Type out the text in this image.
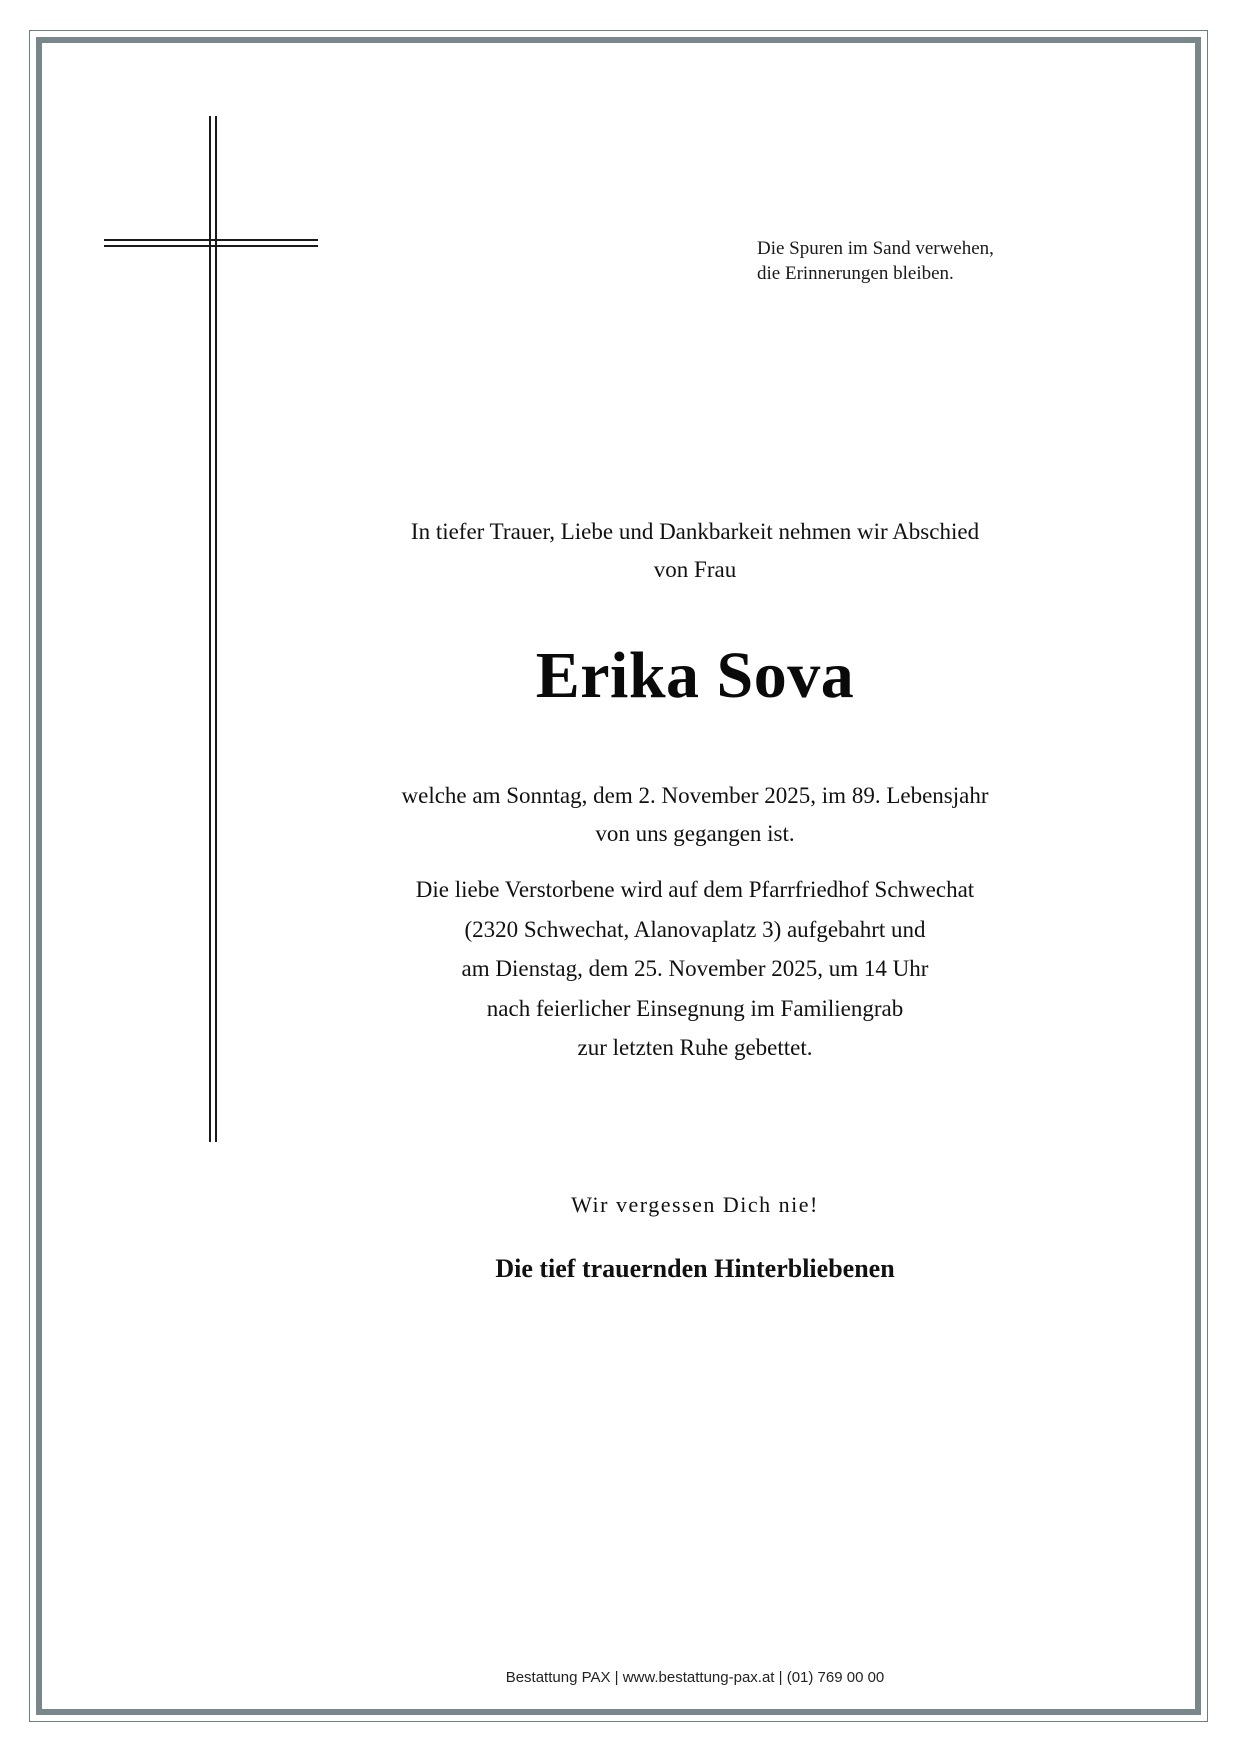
Die Spuren im Sand verwehen,
die Erinnerungen bleiben.
In tiefer Trauer, Liebe und Dankbarkeit nehmen wir Abschied
von Frau
Erika Sova
welche am Sonntag, dem 2. November 2025, im 89. Lebensjahr
von uns gegangen ist.
Die liebe Verstorbene wird auf dem Pfarrfriedhof Schwechat
(2320 Schwechat, Alanovaplatz 3) aufgebahrt und
am Dienstag, dem 25. November 2025, um 14 Uhr
nach feierlicher Einsegnung im Familiengrab
zur letzten Ruhe gebettet.
Wir vergessen Dich nie!
Die tief trauernden Hinterbliebenen
Bestattung PAX | www.bestattung-pax.at | (01) 769 00 00
